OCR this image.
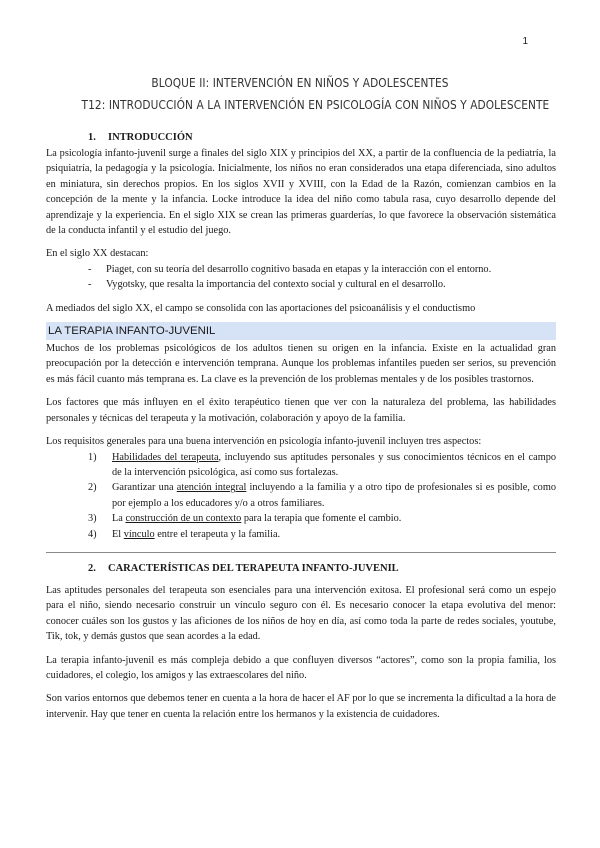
1
BLOQUE II: INTERVENCIÓN EN NIÑOS Y ADOLESCENTES
T12: INTRODUCCIÓN A LA INTERVENCIÓN EN PSICOLOGÍA CON NIÑOS Y ADOLESCENTE
1. INTRODUCCIÓN

La psicología infanto-juvenil surge a finales del siglo XIX y principios del XX, a partir de la confluencia de la pediatría, la psiquiatría, la pedagogía y la psicología. Inicialmente, los niños no eran considerados una etapa diferenciada, sino adultos en miniatura, sin derechos propios. En los siglos XVII y XVIII, con la Edad de la Razón, comienzan cambios en la concepción de la mente y la infancia. Locke introduce la idea del niño como tabula rasa, cuyo desarrollo depende del aprendizaje y la experiencia. En el siglo XIX se crean las primeras guarderías, lo que favorece la observación sistemática de la conducta infantil y el estudio del juego.

En el siglo XX destacan:

- Piaget, con su teoría del desarrollo cognitivo basada en etapas y la interacción con el entorno.
- Vygotsky, que resalta la importancia del contexto social y cultural en el desarrollo.

A mediados del siglo XX, el campo se consolida con las aportaciones del psicoanálisis y el conductismo

LA TERAPIA INFANTO-JUVENIL

Muchos de los problemas psicológicos de los adultos tienen su origen en la infancia. Existe en la actualidad gran preocupación por la detección e intervención temprana. Aunque los problemas infantiles pueden ser serios, su prevención es más fácil cuanto más temprana es. La clave es la prevención de los problemas mentales y de los posibles trastornos.

Los factores que más influyen en el éxito terapéutico tienen que ver con la naturaleza del problema, las habilidades personales y técnicas del terapeuta y la motivación, colaboración y apoyo de la familia.

Los requisitos generales para una buena intervención en psicología infanto-juvenil incluyen tres aspectos:

1) Habilidades del terapeuta, incluyendo sus aptitudes personales y sus conocimientos técnicos en el campo de la intervención psicológica, así como sus fortalezas.
2) Garantizar una atención integral incluyendo a la familia y a otro tipo de profesionales si es posible, como por ejemplo a los educadores y/o a otros familiares.
3) La construcción de un contexto para la terapia que fomente el cambio.
4) El vínculo entre el terapeuta y la familia.
2. CARACTERÍSTICAS DEL TERAPEUTA INFANTO-JUVENIL

Las aptitudes personales del terapeuta son esenciales para una intervención exitosa. El profesional será como un espejo para el niño, siendo necesario construir un vínculo seguro con él. Es necesario conocer la etapa evolutiva del menor: conocer cuáles son los gustos y las aficiones de los niños de hoy en día, así como toda la parte de redes sociales, youtube, Tik, tok, y demás gustos que sean acordes a la edad.

La terapia infanto-juvenil es más compleja debido a que confluyen diversos “actores”, como son la propia familia, los cuidadores, el colegio, los amigos y las extraescolares del niño.

Son varios entornos que debemos tener en cuenta a la hora de hacer el AF por lo que se incrementa la dificultad a la hora de intervenir. Hay que tener en cuenta la relación entre los hermanos y la existencia de cuidadores.
